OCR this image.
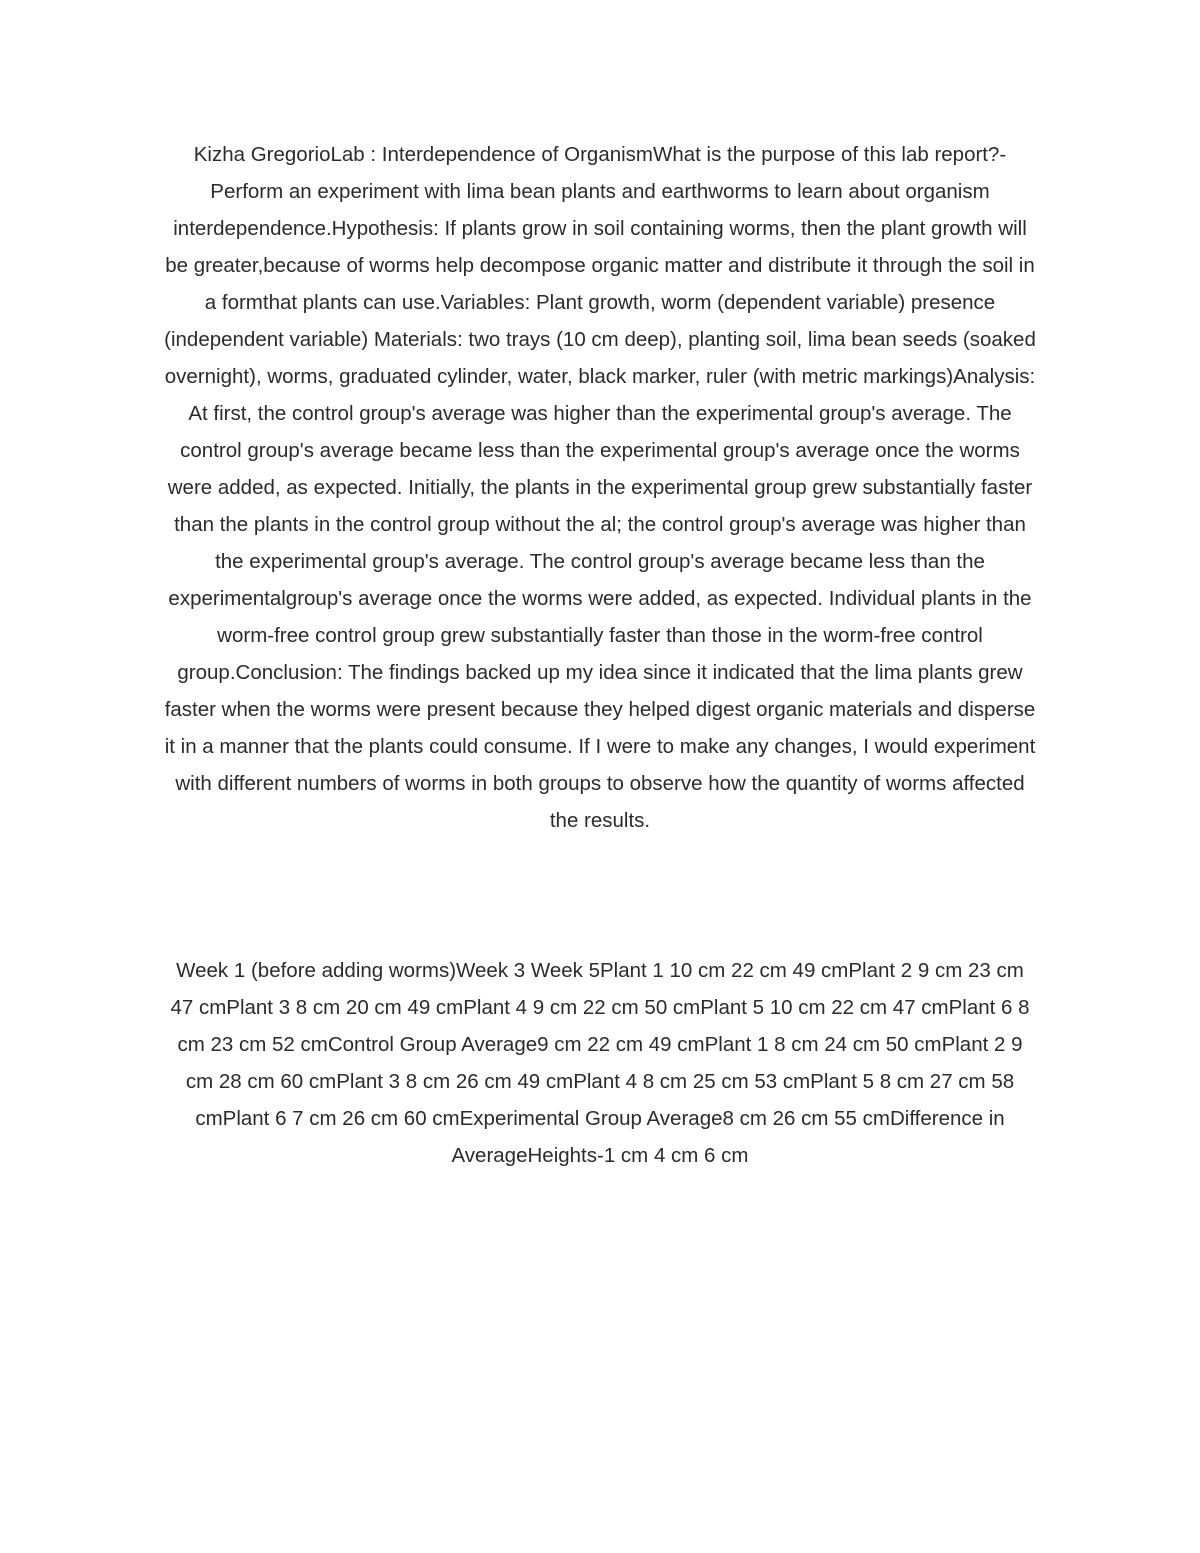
Kizha GregorioLab : Interdependence of OrganismWhat is the purpose of this lab report?-
Perform an experiment with lima bean plants and earthworms to learn about organism
interdependence.Hypothesis: If plants grow in soil containing worms, then the plant growth will
be greater,because of worms help decompose organic matter and distribute it through the soil in
a formthat plants can use.Variables: Plant growth, worm (dependent variable) presence
(independent variable) Materials: two trays (10 cm deep), planting soil, lima bean seeds (soaked
overnight), worms, graduated cylinder, water, black marker, ruler (with metric markings)Analysis:
At first, the control group's average was higher than the experimental group's average. The
control group's average became less than the experimental group's average once the worms
were added, as expected. Initially, the plants in the experimental group grew substantially faster
than the plants in the control group without the al; the control group's average was higher than
the experimental group's average. The control group's average became less than the
experimentalgroup's average once the worms were added, as expected. Individual plants in the
worm-free control group grew substantially faster than those in the worm-free control
group.Conclusion: The findings backed up my idea since it indicated that the lima plants grew
faster when the worms were present because they helped digest organic materials and disperse
it in a manner that the plants could consume. If I were to make any changes, I would experiment
with different numbers of worms in both groups to observe how the quantity of worms affected
the results.
Week 1 (before adding worms)Week 3 Week 5Plant 1 10 cm 22 cm 49 cmPlant 2 9 cm 23 cm
47 cmPlant 3 8 cm 20 cm 49 cmPlant 4 9 cm 22 cm 50 cmPlant 5 10 cm 22 cm 47 cmPlant 6 8
cm 23 cm 52 cmControl Group Average9 cm 22 cm 49 cmPlant 1 8 cm 24 cm 50 cmPlant 2 9
cm 28 cm 60 cmPlant 3 8 cm 26 cm 49 cmPlant 4 8 cm 25 cm 53 cmPlant 5 8 cm 27 cm 58
cmPlant 6 7 cm 26 cm 60 cmExperimental Group Average8 cm 26 cm 55 cmDifference in
AverageHeights-1 cm 4 cm 6 cm
